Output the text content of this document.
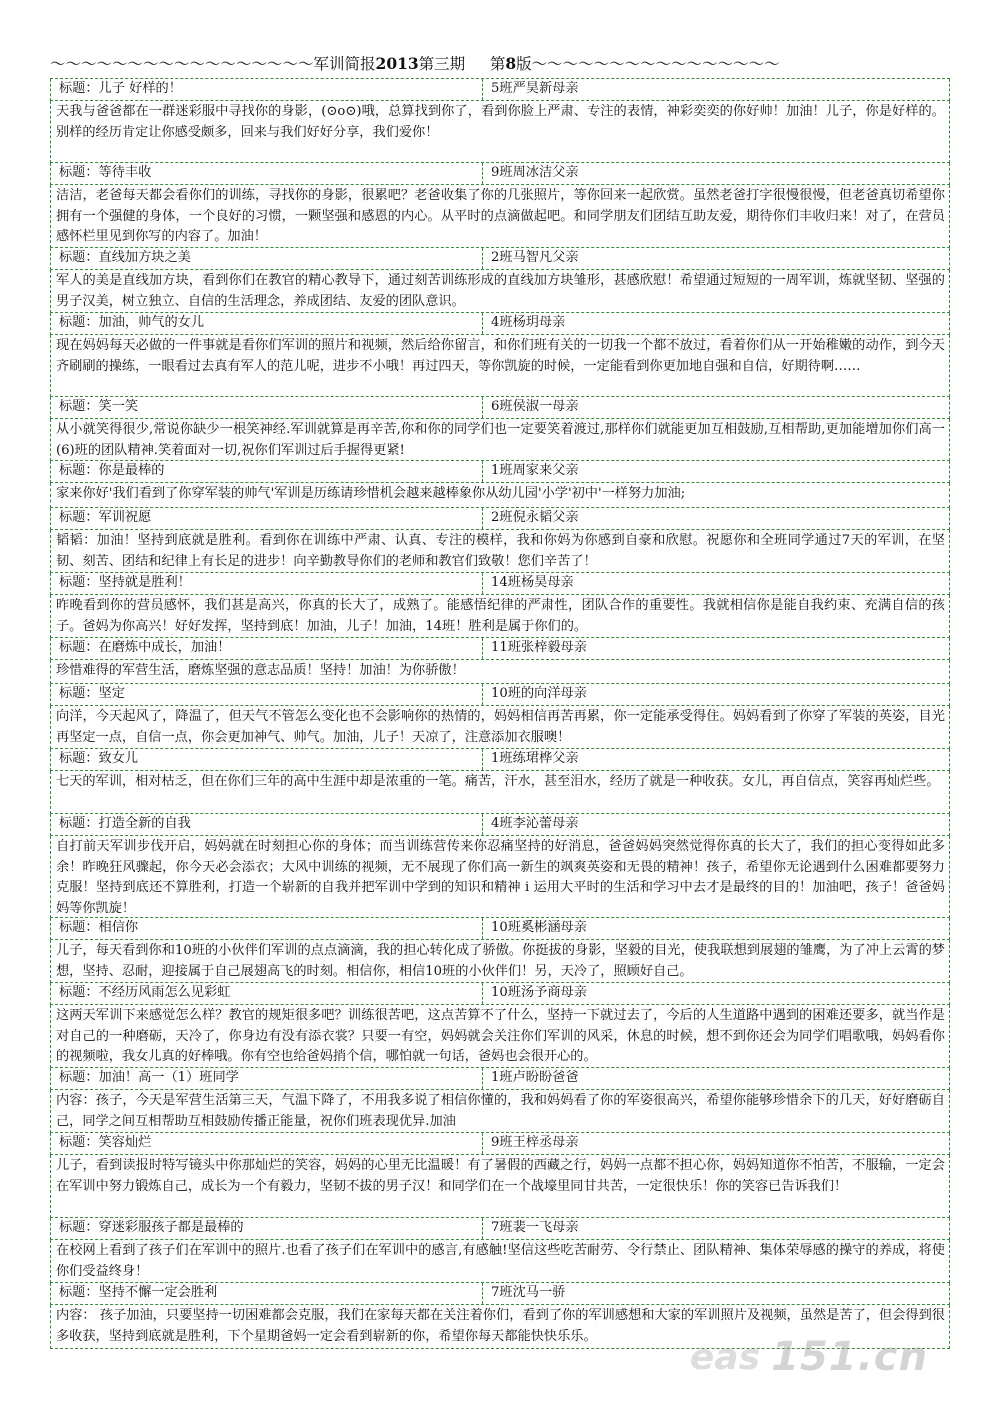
～～～～～～～～～～～～～～～～～军训简报2013第三期 第8版～～～～～～～～～～～～～～～～
标题：儿子 好样的！	5班严昊新母亲
天我与爸爸都在一群迷彩服中寻找你的身影，(⊙o⊙)哦，总算找到你了，看到你脸上严肃、专注的表情，神彩奕奕的你好帅！加油！儿子，你是好样的。别样的经历肯定让你感受颇多，回来与我们好好分享，我们爱你！
标题：等待丰收	9班周冰洁父亲
洁洁，老爸每天都会看你们的训练，寻找你的身影，很累吧？老爸收集了你的几张照片，等你回来一起欣赏。虽然老爸打字很慢很慢，但老爸真切希望你拥有一个强健的身体，一个良好的习惯，一颗坚强和感恩的内心。从平时的点滴做起吧。和同学朋友们团结互助友爱，期待你们丰收归来！对了，在营员感怀栏里见到你写的内容了。加油！
标题：直线加方块之美	2班马智凡父亲
军人的美是直线加方块，看到你们在教官的精心教导下，通过刻苦训练形成的直线加方块雏形，甚感欣慰！希望通过短短的一周军训，炼就坚韧、坚强的男子汉美，树立独立、自信的生活理念，养成团结、友爱的团队意识。
标题：加油，帅气的女儿	4班杨玥母亲
现在妈妈每天必做的一件事就是看你们军训的照片和视频，然后给你留言，和你们班有关的一切我一个都不放过，看着你们从一开始稚嫩的动作，到今天齐刷刷的操练，一眼看过去真有军人的范儿呢，进步不小哦！再过四天，等你凯旋的时候，一定能看到你更加地自强和自信，好期待啊……
标题：笑一笑	6班侯淑一母亲
从小就笑得很少,常说你缺少一根笑神经.军训就算是再辛苦,你和你的同学们也一定要笑着渡过,那样你们就能更加互相鼓励,互相帮助,更加能增加你们高一(6)班的团队精神.笑着面对一切,祝你们军训过后手握得更紧!
标题：你是最棒的	1班周家来父亲
家来你好'我们看到了你穿军装的帅气'军训是历练请珍惜机会越来越棒象你从幼儿园'小学'初中'一样努力加油;
标题：军训祝愿	2班倪永韬父亲
韬韬：加油！坚持到底就是胜利。看到你在训练中严肃、认真、专注的模样，我和你妈为你感到自豪和欣慰。祝愿你和全班同学通过7天的军训，在坚韧、刻苦、团结和纪律上有长足的进步！向辛勤教导你们的老师和教官们致敬！您们辛苦了！
标题：坚持就是胜利！	14班杨昊母亲
昨晚看到你的营员感怀，我们甚是高兴，你真的长大了，成熟了。能感悟纪律的严肃性，团队合作的重要性。我就相信你是能自我约束、充满自信的孩子。爸妈为你高兴！好好发挥，坚持到底！加油，儿子！加油，14班！胜利是属于你们的。
标题：在磨炼中成长，加油！	11班张梓毅母亲
珍惜难得的军营生活，磨炼坚强的意志品质！坚持！加油！为你骄傲！
标题：坚定	10班的向洋母亲
向洋，今天起风了，降温了，但天气不管怎么变化也不会影响你的热情的，妈妈相信再苦再累，你一定能承受得住。妈妈看到了你穿了军装的英姿，目光再坚定一点，自信一点，你会更加神气、帅气。加油，儿子！天凉了，注意添加衣服噢！
标题：致女儿	1班练珺桦父亲
七天的军训，相对枯乏，但在你们三年的高中生涯中却是浓重的一笔。痛苦，汗水，甚至泪水，经历了就是一种收获。女儿，再自信点，笑容再灿烂些。
标题：打造全新的自我	4班李沁蕾母亲
自打前天军训步伐开启，妈妈就在时刻担心你的身体；而当训练营传来你忍痛坚持的好消息，爸爸妈妈突然觉得你真的长大了，我们的担心变得如此多余！昨晚狂风骤起，你今天必会添衣；大风中训练的视频，无不展现了你们高一新生的飒爽英姿和无畏的精神！孩子，希望你无论遇到什么困难都要努力克服！坚持到底还不算胜利，打造一个崭新的自我并把军训中学到的知识和精神 i 运用大平时的生活和学习中去才是最终的目的！加油吧，孩子！爸爸妈妈等你凯旋！
标题：相信你	10班奚彬涵母亲
儿子，每天看到你和10班的小伙伴们军训的点点滴滴，我的担心转化成了骄傲。你挺拔的身影，坚毅的目光，使我联想到展翅的雏鹰，为了冲上云霄的梦想，坚持、忍耐，迎接属于自己展翅高飞的时刻。相信你，相信10班的小伙伴们！另，天冷了，照顾好自己。
标题：不经历风雨怎么见彩虹	10班汤予商母亲
这两天军训下来感觉怎么样？教官的规矩很多吧？训练很苦吧，这点苦算不了什么，坚持一下就过去了，今后的人生道路中遇到的困难还要多，就当作是对自己的一种磨砺，天冷了，你身边有没有添衣裳？只要一有空，妈妈就会关注你们军训的风采，休息的时候，想不到你还会为同学们唱歌哦，妈妈看你的视频啦，我女儿真的好棒哦。你有空也给爸妈捎个信，哪怕就一句话，爸妈也会很开心的。
标题：加油！高一（1）班同学	1班卢盼盼爸爸
内容：孩子，今天是军营生活第三天，气温下降了，不用我多说了相信你懂的，我和妈妈看了你的军姿很高兴，希望你能够珍惜余下的几天，好好磨砺自己，同学之间互相帮助互相鼓励传播正能量，祝你们班表现优异.加油
标题：笑容灿烂	9班王梓丞母亲
儿子，看到读报时特写镜头中你那灿烂的笑容，妈妈的心里无比温暖！有了暑假的西藏之行，妈妈一点都不担心你，妈妈知道你不怕苦，不服输，一定会在军训中努力锻炼自己，成长为一个有毅力，坚韧不拔的男子汉！和同学们在一个战壕里同甘共苦，一定很快乐！你的笑容已告诉我们！
标题：穿迷彩服孩子都是最棒的	7班裴一飞母亲
在校网上看到了孩子们在军训中的照片.也看了孩子们在军训中的感言,有感触!坚信这些吃苦耐劳、令行禁止、团队精神、集体荣辱感的操守的养成，将使你们受益终身！
标题：坚持不懈一定会胜利	7班沈马一骄
内容： 孩子加油，只要坚持一切困难都会克服，我们在家每天都在关注着你们，看到了你的军训感想和大家的军训照片及视频，虽然是苦了，但会得到很多收获，坚持到底就是胜利，下个星期爸妈一定会看到崭新的你，希望你每天都能快快乐乐。
eas 151.cn
